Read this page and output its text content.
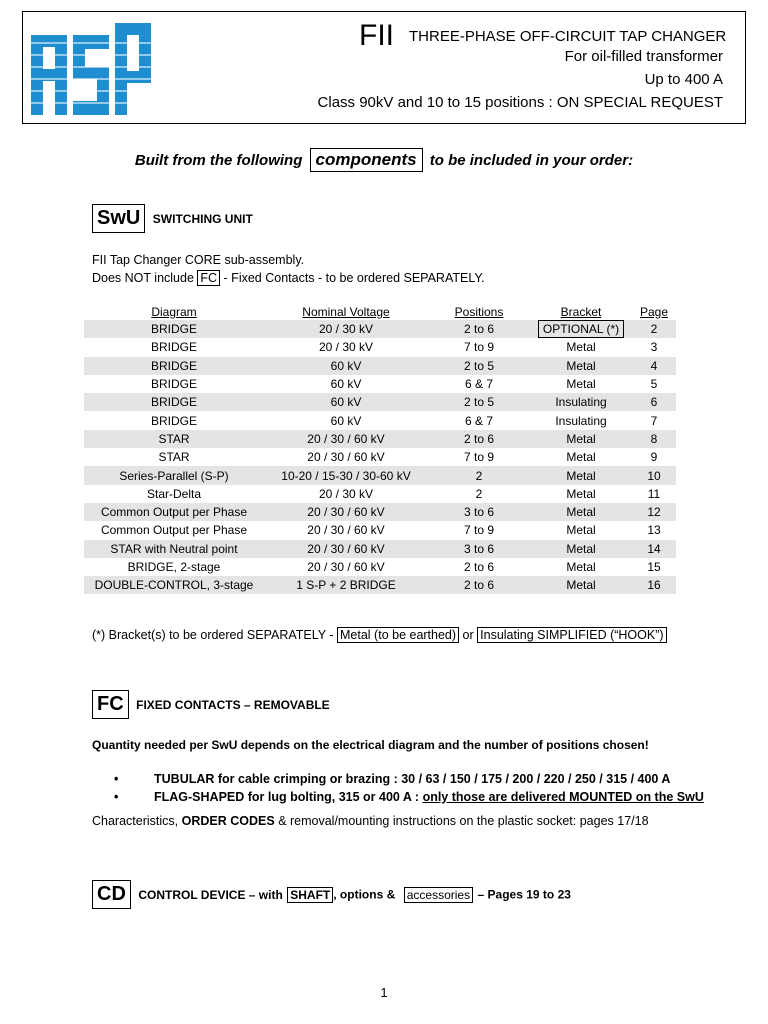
FII THREE-PHASE OFF-CIRCUIT TAP CHANGER
For oil-filled transformer
Up to 400 A
Class 90kV and 10 to 15 positions : ON SPECIAL REQUEST
Built from the following components to be included in your order:
SwU SWITCHING UNIT
FII Tap Changer CORE sub-assembly.
Does NOT include FC - Fixed Contacts - to be ordered SEPARATELY.
Diagram	Nominal Voltage	Positions	Bracket	Page
BRIDGE	20 / 30 kV	2 to 6	OPTIONAL (*)	2
BRIDGE	20 / 30 kV	7 to 9	Metal	3
BRIDGE	60 kV	2 to 5	Metal	4
BRIDGE	60 kV	6 & 7	Metal	5
BRIDGE	60 kV	2 to 5	Insulating	6
BRIDGE	60 kV	6 & 7	Insulating	7
STAR	20 / 30 / 60 kV	2 to 6	Metal	8
STAR	20 / 30 / 60 kV	7 to 9	Metal	9
Series-Parallel (S-P)	10-20 / 15-30 / 30-60 kV	2	Metal	10
Star-Delta	20 / 30 kV	2	Metal	11
Common Output per Phase	20 / 30 / 60 kV	3 to 6	Metal	12
Common Output per Phase	20 / 30 / 60 kV	7 to 9	Metal	13
STAR with Neutral point	20 / 30 / 60 kV	3 to 6	Metal	14
BRIDGE, 2-stage	20 / 30 / 60 kV	2 to 6	Metal	15
DOUBLE-CONTROL, 3-stage	1 S-P + 2 BRIDGE	2 to 6	Metal	16
(*) Bracket(s) to be ordered SEPARATELY - Metal (to be earthed) or Insulating SIMPLIFIED (“HOOK”)
FC FIXED CONTACTS – REMOVABLE
Quantity needed per SwU depends on the electrical diagram and the number of positions chosen!
•	TUBULAR for cable crimping or brazing : 30 / 63 / 150 / 175 / 200 / 220 / 250 / 315 / 400 A
•	FLAG-SHAPED for lug bolting, 315 or 400 A : only those are delivered MOUNTED on the SwU
Characteristics, ORDER CODES & removal/mounting instructions on the plastic socket: pages 17/18
CD CONTROL DEVICE – with SHAFT , options & accessories – Pages 19 to 23
1
